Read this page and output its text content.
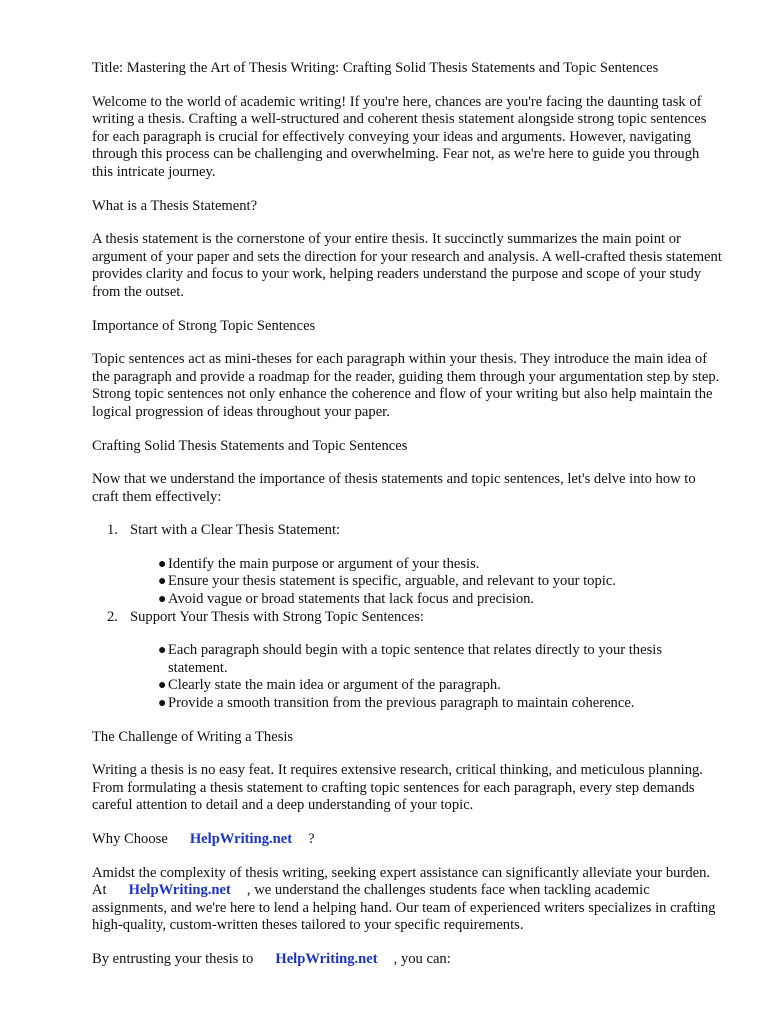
Title: Mastering the Art of Thesis Writing: Crafting Solid Thesis Statements and Topic Sentences

Welcome to the world of academic writing! If you're here, chances are you're facing the daunting task of writing a thesis. Crafting a well-structured and coherent thesis statement alongside strong topic sentences for each paragraph is crucial for effectively conveying your ideas and arguments. However, navigating through this process can be challenging and overwhelming. Fear not, as we're here to guide you through this intricate journey.

What is a Thesis Statement?

A thesis statement is the cornerstone of your entire thesis. It succinctly summarizes the main point or argument of your paper and sets the direction for your research and analysis. A well-crafted thesis statement provides clarity and focus to your work, helping readers understand the purpose and scope of your study from the outset.

Importance of Strong Topic Sentences

Topic sentences act as mini-theses for each paragraph within your thesis. They introduce the main idea of the paragraph and provide a roadmap for the reader, guiding them through your argumentation step by step. Strong topic sentences not only enhance the coherence and flow of your writing but also help maintain the logical progression of ideas throughout your paper.

Crafting Solid Thesis Statements and Topic Sentences

Now that we understand the importance of thesis statements and topic sentences, let's delve into how to craft them effectively:

1. Start with a Clear Thesis Statement:
● Identify the main purpose or argument of your thesis.
● Ensure your thesis statement is specific, arguable, and relevant to your topic.
● Avoid vague or broad statements that lack focus and precision.
2. Support Your Thesis with Strong Topic Sentences:
● Each paragraph should begin with a topic sentence that relates directly to your thesis statement.
● Clearly state the main idea or argument of the paragraph.
● Provide a smooth transition from the previous paragraph to maintain coherence.

The Challenge of Writing a Thesis

Writing a thesis is no easy feat. It requires extensive research, critical thinking, and meticulous planning. From formulating a thesis statement to crafting topic sentences for each paragraph, every step demands careful attention to detail and a deep understanding of your topic.

Why Choose HelpWriting.net ?

Amidst the complexity of thesis writing, seeking expert assistance can significantly alleviate your burden. At HelpWriting.net , we understand the challenges students face when tackling academic assignments, and we're here to lend a helping hand. Our team of experienced writers specializes in crafting high-quality, custom-written theses tailored to your specific requirements.

By entrusting your thesis to HelpWriting.net , you can:
